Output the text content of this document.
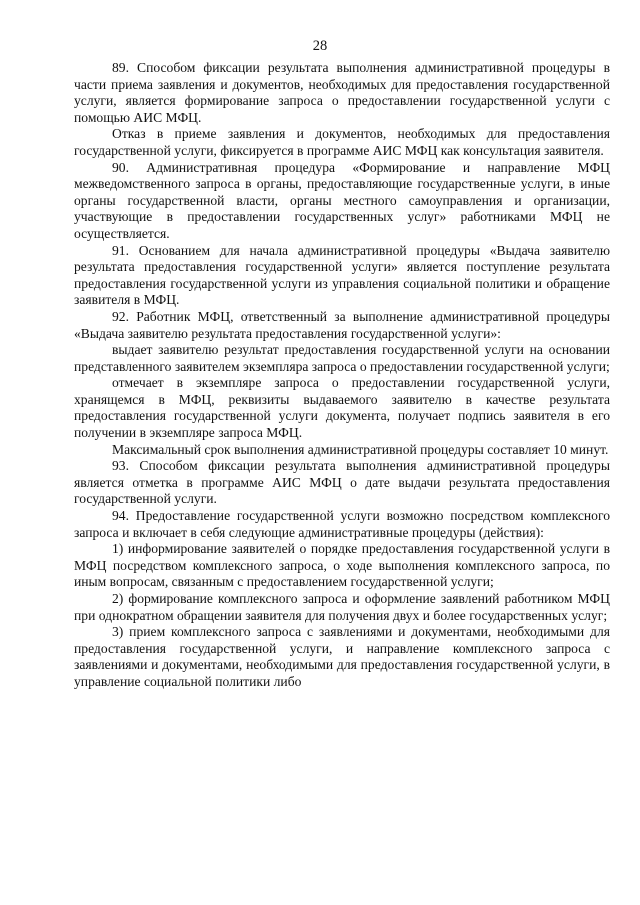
28

89. Способом фиксации результата выполнения административной процедуры в части приема заявления и документов, необходимых для предоставления государственной услуги, является формирование запроса о предоставлении государственной услуги с помощью АИС МФЦ.

Отказ в приеме заявления и документов, необходимых для предоставления государственной услуги, фиксируется в программе АИС МФЦ как консультация заявителя.

90. Административная процедура «Формирование и направление МФЦ межведомственного запроса в органы, предоставляющие государственные услуги, в иные органы государственной власти, органы местного самоуправления и организации, участвующие в предоставлении государственных услуг» работниками МФЦ не осуществляется.

91. Основанием для начала административной процедуры «Выдача заявителю результата предоставления государственной услуги» является поступление результата предоставления государственной услуги из управления социальной политики и обращение заявителя в МФЦ.

92. Работник МФЦ, ответственный за выполнение административной процедуры «Выдача заявителю результата предоставления государственной услуги»:

выдает заявителю результат предоставления государственной услуги на основании представленного заявителем экземпляра запроса о предоставлении государственной услуги;

отмечает в экземпляре запроса о предоставлении государственной услуги, хранящемся в МФЦ, реквизиты выдаваемого заявителю в качестве результата предоставления государственной услуги документа, получает подпись заявителя в его получении в экземпляре запроса МФЦ.

Максимальный срок выполнения административной процедуры составляет 10 минут.

93. Способом фиксации результата выполнения административной процедуры является отметка в программе АИС МФЦ о дате выдачи результата предоставления государственной услуги.

94. Предоставление государственной услуги возможно посредством комплексного запроса и включает в себя следующие административные процедуры (действия):

1) информирование заявителей о порядке предоставления государственной услуги в МФЦ посредством комплексного запроса, о ходе выполнения комплексного запроса, по иным вопросам, связанным с предоставлением государственной услуги;

2) формирование комплексного запроса и оформление заявлений работником МФЦ при однократном обращении заявителя для получения двух и более государственных услуг;

3) прием комплексного запроса с заявлениями и документами, необходимыми для предоставления государственной услуги, и направление комплексного запроса с заявлениями и документами, необходимыми для предоставления государственной услуги, в управление социальной политики либо
